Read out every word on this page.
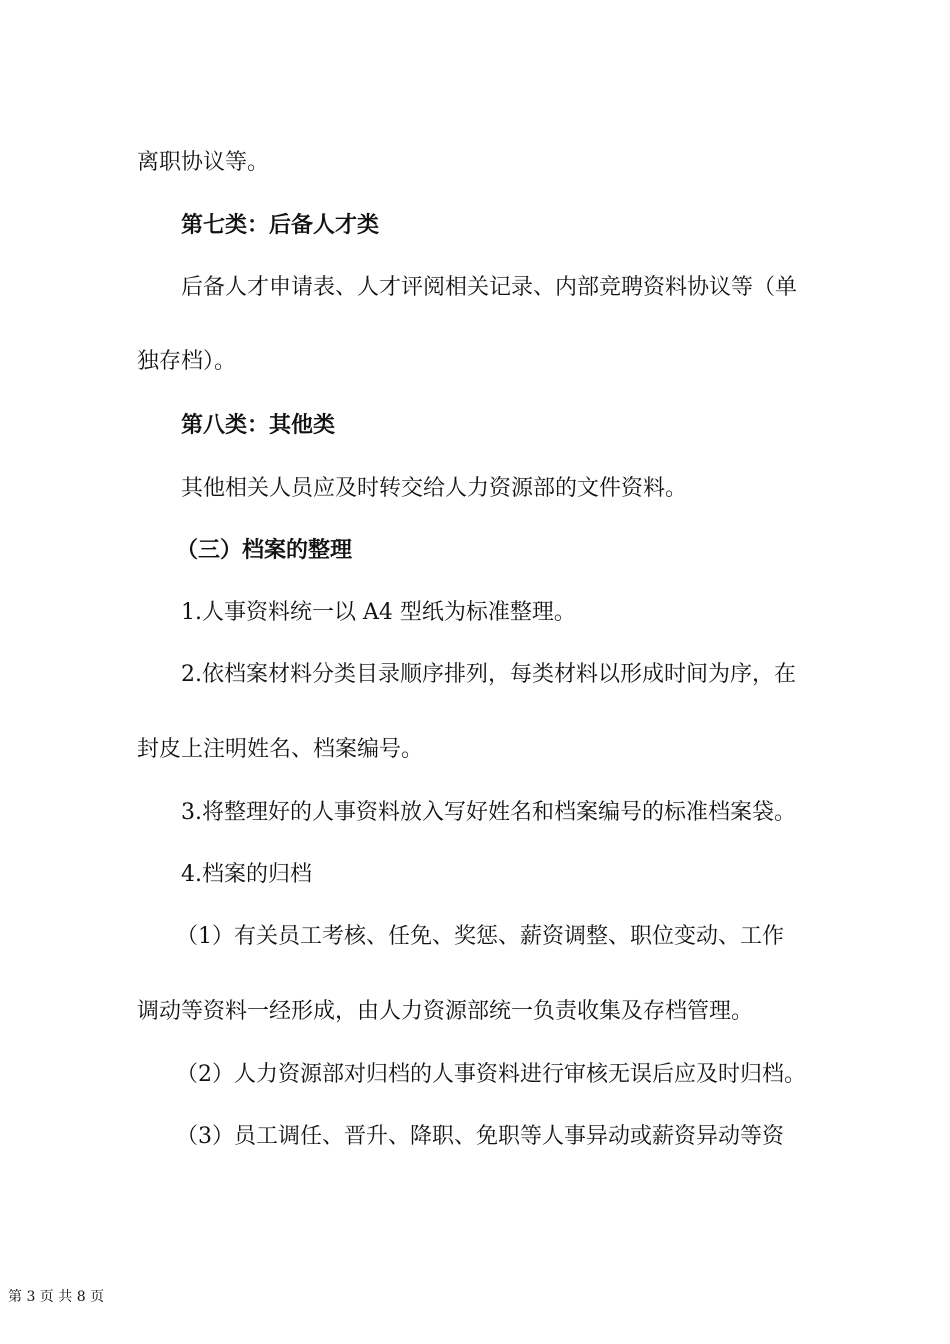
离职协议等。

第七类：后备人才类

后备人才申请表、人才评阅相关记录、内部竞聘资料协议等（单

独存档）。

第八类：其他类

其他相关人员应及时转交给人力资源部的文件资料。

（三）档案的整理

1.人事资料统一以 A4 型纸为标准整理。

2.依档案材料分类目录顺序排列，每类材料以形成时间为序，在

封皮上注明姓名、档案编号。

3.将整理好的人事资料放入写好姓名和档案编号的标准档案袋。

4.档案的归档

（1）有关员工考核、任免、奖惩、薪资调整、职位变动、工作

调动等资料一经形成，由人力资源部统一负责收集及存档管理。

（2）人力资源部对归档的人事资料进行审核无误后应及时归档。

（3）员工调任、晋升、降职、免职等人事异动或薪资异动等资

第 3 页 共 8 页
